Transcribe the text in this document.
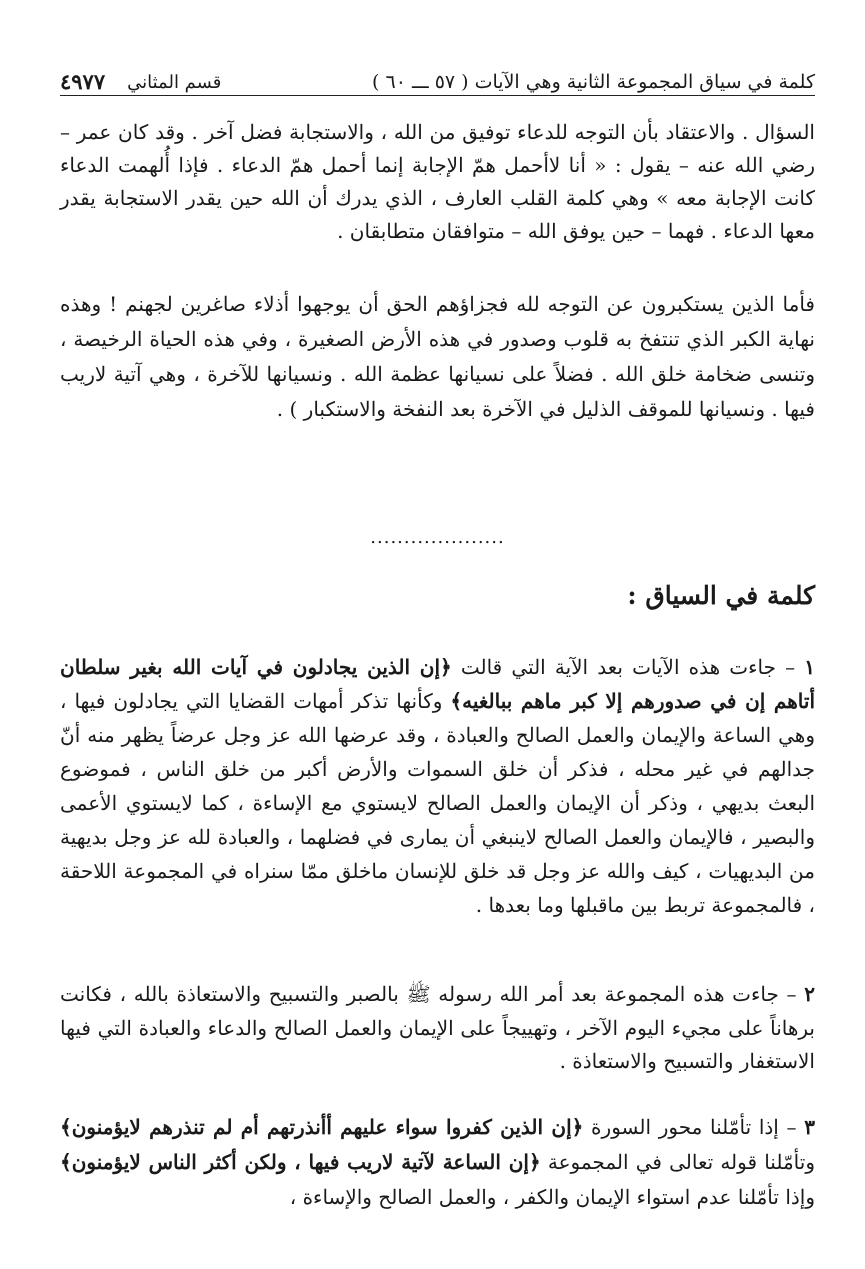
كلمة في سياق المجموعة الثانية وهي الآيات ( ٥٧ ـــ ٦٠ )
قسم المثاني
٤٩٧٧

السؤال . والاعتقاد بأن التوجه للدعاء توفيق من الله ، والاستجابة فضل آخر . وقد كان عمر – رضي الله عنه – يقول : « أنا لاأحمل همّ الإجابة إنما أحمل همّ الدعاء . فإذا أُلهمت الدعاء كانت الإجابة معه » وهي كلمة القلب العارف ، الذي يدرك أن الله حين يقدر الاستجابة يقدر معها الدعاء . فهما – حين يوفق الله – متوافقان متطابقان .

فأما الذين يستكبرون عن التوجه لله فجزاؤهم الحق أن يوجهوا أذلاء صاغرين لجهنم ! وهذه نهاية الكبر الذي تنتفخ به قلوب وصدور في هذه الأرض الصغيرة ، وفي هذه الحياة الرخيصة ، وتنسى ضخامة خلق الله . فضلاً على نسيانها عظمة الله . ونسيانها للآخرة ، وهي آتية لاريب فيها . ونسيانها للموقف الذليل في الآخرة بعد النفخة والاستكبار ) .

....................
كلمة في السياق :

١ – جاءت هذه الآيات بعد الآية التي قالت ﴿إن الذين يجادلون في آيات الله بغير سلطان أتاهم إن في صدورهم إلا كبر ماهم ببالغيه﴾ وكأنها تذكر أمهات القضايا التي يجادلون فيها ، وهي الساعة والإيمان والعمل الصالح والعبادة ، وقد عرضها الله عز وجل عرضاً يظهر منه أنّ جدالهم في غير محله ، فذكر أن خلق السموات والأرض أكبر من خلق الناس ، فموضوع البعث بديهي ، وذكر أن الإيمان والعمل الصالح لايستوي مع الإساءة ، كما لايستوي الأعمى والبصير ، فالإيمان والعمل الصالح لاينبغي أن يمارى في فضلهما ، والعبادة لله عز وجل بديهية من البديهيات ، كيف والله عز وجل قد خلق للإنسان ماخلق ممّا سنراه في المجموعة اللاحقة ، فالمجموعة تربط بين ماقبلها وما بعدها .

٢ – جاءت هذه المجموعة بعد أمر الله رسوله ﷺ بالصبر والتسبيح والاستعاذة بالله ، فكانت برهاناً على مجيء اليوم الآخر ، وتهييجاً على الإيمان والعمل الصالح والدعاء والعبادة التي فيها الاستغفار والتسبيح والاستعاذة .

٣ – إذا تأمّلنا محور السورة ﴿إن الذين كفروا سواء عليهم أأنذرتهم أم لم تنذرهم لايؤمنون﴾ وتأمّلنا قوله تعالى في المجموعة ﴿إن الساعة لآتية لاريب فيها ، ولكن أكثر الناس لايؤمنون﴾ وإذا تأمّلنا عدم استواء الإيمان والكفر ، والعمل الصالح والإساءة ،
